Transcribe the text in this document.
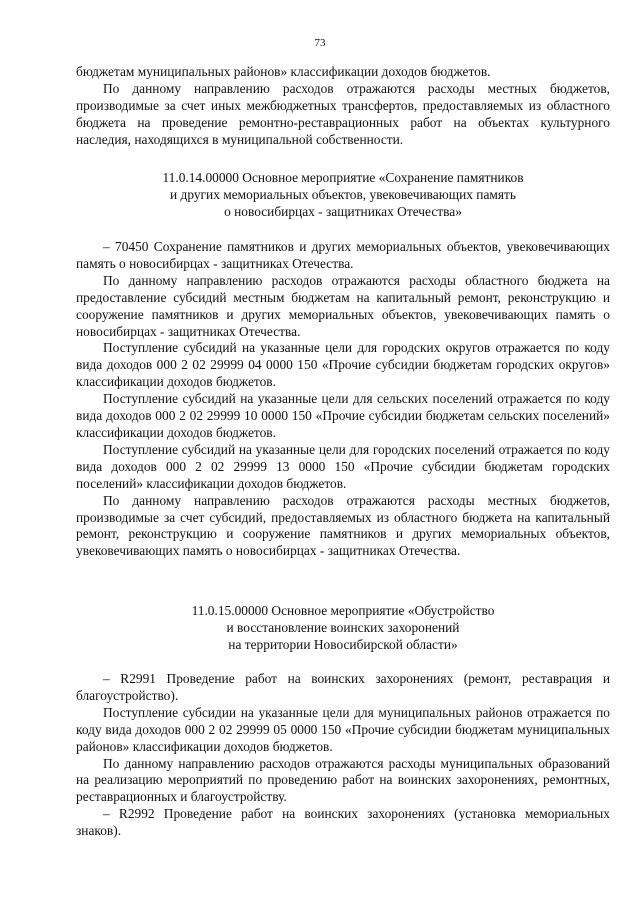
73

бюджетам муниципальных районов» классификации доходов бюджетов.

По данному направлению расходов отражаются расходы местных бюджетов, производимые за счет иных межбюджетных трансфертов, предоставляемых из областного бюджета на проведение ремонтно-реставрационных работ на объектах культурного наследия, находящихся в муниципальной собственности.

11.0.14.00000 Основное мероприятие «Сохранение памятников
и других мемориальных объектов, увековечивающих память
о новосибирцах - защитниках Отечества»

– 70450 Сохранение памятников и других мемориальных объектов, увековечивающих память о новосибирцах - защитниках Отечества.

По данному направлению расходов отражаются расходы областного бюджета на предоставление субсидий местным бюджетам на капитальный ремонт, реконструкцию и сооружение памятников и других мемориальных объектов, увековечивающих память о новосибирцах - защитниках Отечества.

Поступление субсидий на указанные цели для городских округов отражается по коду вида доходов 000 2 02 29999 04 0000 150 «Прочие субсидии бюджетам городских округов» классификации доходов бюджетов.

Поступление субсидий на указанные цели для сельских поселений отражается по коду вида доходов 000 2 02 29999 10 0000 150 «Прочие субсидии бюджетам сельских поселений» классификации доходов бюджетов.

Поступление субсидий на указанные цели для городских поселений отражается по коду вида доходов 000 2 02 29999 13 0000 150 «Прочие субсидии бюджетам городских поселений» классификации доходов бюджетов.

По данному направлению расходов отражаются расходы местных бюджетов, производимые за счет субсидий, предоставляемых из областного бюджета на капитальный ремонт, реконструкцию и сооружение памятников и других мемориальных объектов, увековечивающих память о новосибирцах - защитниках Отечества.

11.0.15.00000 Основное мероприятие «Обустройство
и восстановление воинских захоронений
на территории Новосибирской области»

– R2991 Проведение работ на воинских захоронениях (ремонт, реставрация и благоустройство).

Поступление субсидии на указанные цели для муниципальных районов отражается по коду вида доходов 000 2 02 29999 05 0000 150 «Прочие субсидии бюджетам муниципальных районов» классификации доходов бюджетов.

По данному направлению расходов отражаются расходы муниципальных образований на реализацию мероприятий по проведению работ на воинских захоронениях, ремонтных, реставрационных и благоустройству.

– R2992 Проведение работ на воинских захоронениях (установка мемориальных знаков).
